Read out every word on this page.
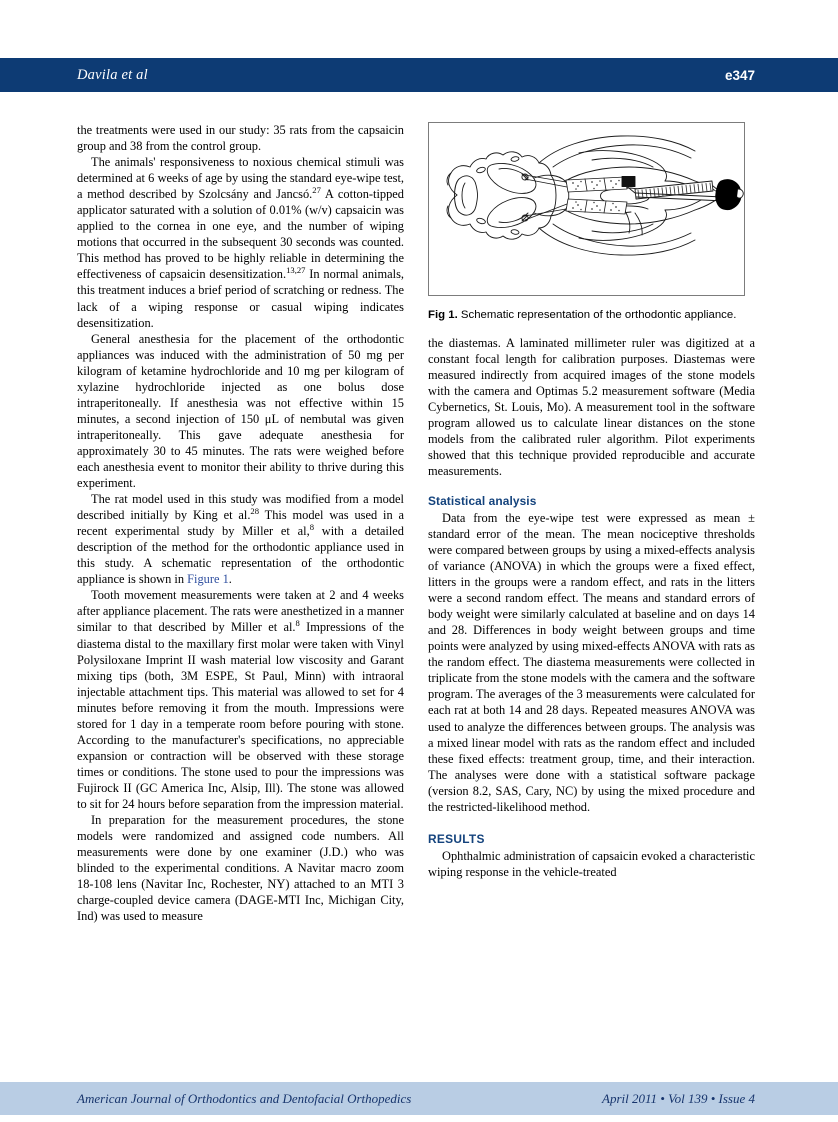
Davila et al	e347

the treatments were used in our study: 35 rats from the capsaicin group and 38 from the control group.

The animals' responsiveness to noxious chemical stimuli was determined at 6 weeks of age by using the standard eye-wipe test, a method described by Szolcsány and Jancsó.$^{27}$ A cotton-tipped applicator saturated with a solution of 0.01% (w/v) capsaicin was applied to the cornea in one eye, and the number of wiping motions that occurred in the subsequent 30 seconds was counted. This method has proved to be highly reliable in determining the effectiveness of capsaicin desensitization.$^{13,27}$ In normal animals, this treatment induces a brief period of scratching or redness. The lack of a wiping response or casual wiping indicates desensitization.

General anesthesia for the placement of the orthodontic appliances was induced with the administration of 50 mg per kilogram of ketamine hydrochloride and 10 mg per kilogram of xylazine hydrochloride injected as one bolus dose intraperitoneally. If anesthesia was not effective within 15 minutes, a second injection of 150 μL of nembutal was given intraperitoneally. This gave adequate anesthesia for approximately 30 to 45 minutes. The rats were weighed before each anesthesia event to monitor their ability to thrive during this experiment.

The rat model used in this study was modified from a model described initially by King et al.$^{28}$ This model was used in a recent experimental study by Miller et al,$^8$ with a detailed description of the method for the orthodontic appliance used in this study. A schematic representation of the orthodontic appliance is shown in Figure 1.

Tooth movement measurements were taken at 2 and 4 weeks after appliance placement. The rats were anesthetized in a manner similar to that described by Miller et al.$^8$ Impressions of the diastema distal to the maxillary first molar were taken with Vinyl Polysiloxane Imprint II wash material low viscosity and Garant mixing tips (both, 3M ESPE, St Paul, Minn) with intraoral injectable attachment tips. This material was allowed to set for 4 minutes before removing it from the mouth. Impressions were stored for 1 day in a temperate room before pouring with stone. According to the manufacturer's specifications, no appreciable expansion or contraction will be observed with these storage times or conditions. The stone used to pour the impressions was Fujirock II (GC America Inc, Alsip, Ill). The stone was allowed to sit for 24 hours before separation from the impression material.

In preparation for the measurement procedures, the stone models were randomized and assigned code numbers. All measurements were done by one examiner (J.D.) who was blinded to the experimental conditions. A Navitar macro zoom 18-108 lens (Navitar Inc, Rochester, NY) attached to an MTI 3 charge-coupled device camera (DAGE-MTI Inc, Michigan City, Ind) was used to measure

Fig 1. Schematic representation of the orthodontic appliance.

the diastemas. A laminated millimeter ruler was digitized at a constant focal length for calibration purposes. Diastemas were measured indirectly from acquired images of the stone models with the camera and Optimas 5.2 measurement software (Media Cybernetics, St. Louis, Mo). A measurement tool in the software program allowed us to calculate linear distances on the stone models from the calibrated ruler algorithm. Pilot experiments showed that this technique provided reproducible and accurate measurements.

Statistical analysis

Data from the eye-wipe test were expressed as mean ± standard error of the mean. The mean nociceptive thresholds were compared between groups by using a mixed-effects analysis of variance (ANOVA) in which the groups were a fixed effect, litters in the groups were a random effect, and rats in the litters were a second random effect. The means and standard errors of body weight were similarly calculated at baseline and on days 14 and 28. Differences in body weight between groups and time points were analyzed by using mixed-effects ANOVA with rats as the random effect. The diastema measurements were collected in triplicate from the stone models with the camera and the software program. The averages of the 3 measurements were calculated for each rat at both 14 and 28 days. Repeated measures ANOVA was used to analyze the differences between groups. The analysis was a mixed linear model with rats as the random effect and included these fixed effects: treatment group, time, and their interaction. The analyses were done with a statistical software package (version 8.2, SAS, Cary, NC) by using the mixed procedure and the restricted-likelihood method.

RESULTS

Ophthalmic administration of capsaicin evoked a characteristic wiping response in the vehicle-treated

American Journal of Orthodontics and Dentofacial Orthopedics	April 2011 • Vol 139 • Issue 4
